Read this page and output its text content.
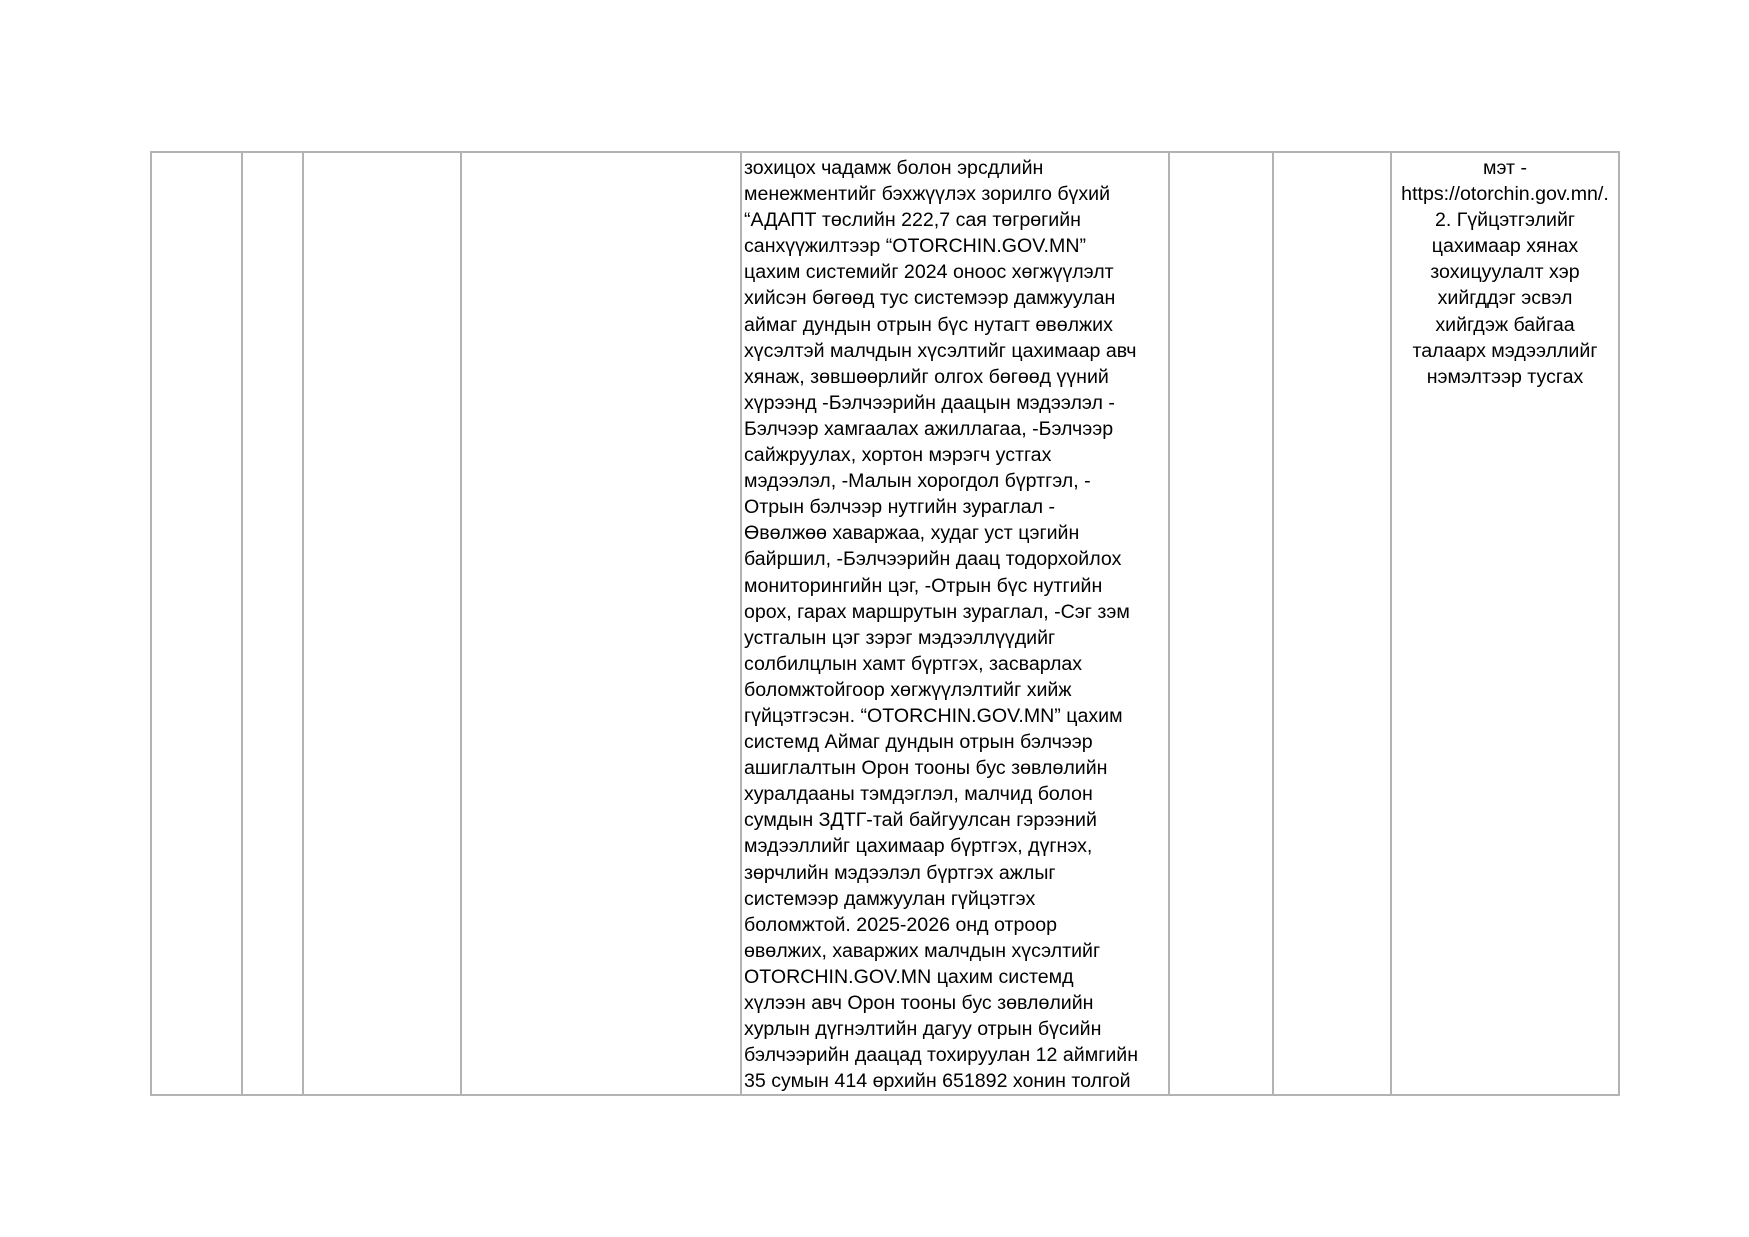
зохицох чадамж болон эрсдлийн
менежментийг бэхжүүлэх зорилго бүхий
“АДАПТ төслийн 222,7 сая төгрөгийн
санхүүжилтээр “OTORCHIN.GOV.MN”
цахим системийг 2024 оноос хөгжүүлэлт
хийсэн бөгөөд тус системээр дамжуулан
аймаг дундын отрын бүс нутагт өвөлжих
хүсэлтэй малчдын хүсэлтийг цахимаар авч
хянаж, зөвшөөрлийг олгох бөгөөд үүний
хүрээнд -Бэлчээрийн даацын мэдээлэл -
Бэлчээр хамгаалах ажиллагаа, -Бэлчээр
сайжруулах, хортон мэрэгч устгах
мэдээлэл, -Малын хорогдол бүртгэл, -
Отрын бэлчээр нутгийн зураглал -
Өвөлжөө хаваржаа, худаг уст цэгийн
байршил, -Бэлчээрийн даац тодорхойлох
мониторингийн цэг, -Отрын бүс нутгийн
орох, гарах маршрутын зураглал, -Сэг зэм
устгалын цэг зэрэг мэдээллүүдийг
солбилцлын хамт бүртгэх, засварлах
боломжтойгоор хөгжүүлэлтийг хийж
гүйцэтгэсэн. “OTORCHIN.GOV.MN” цахим
системд Аймаг дундын отрын бэлчээр
ашиглалтын Орон тооны бус зөвлөлийн
хуралдааны тэмдэглэл, малчид болон
сумдын ЗДТГ-тай байгуулсан гэрээний
мэдээллийг цахимаар бүртгэх, дүгнэх,
зөрчлийн мэдээлэл бүртгэх ажлыг
системээр дамжуулан гүйцэтгэх
боломжтой. 2025-2026 онд отроор
өвөлжих, хаваржих малчдын хүсэлтийг
OTORCHIN.GOV.MN цахим системд
хүлээн авч Орон тооны бус зөвлөлийн
хурлын дүгнэлтийн дагуу отрын бүсийн
бэлчээрийн даацад тохируулан 12 аймгийн
35 сумын 414 өрхийн 651892 хонин толгой

мэт -
https://otorchin.gov.mn/.
2. Гүйцэтгэлийг
цахимаар хянах
зохицуулалт хэр
хийгддэг эсвэл
хийгдэж байгаа
талаарх мэдээллийг
нэмэлтээр тусгах
